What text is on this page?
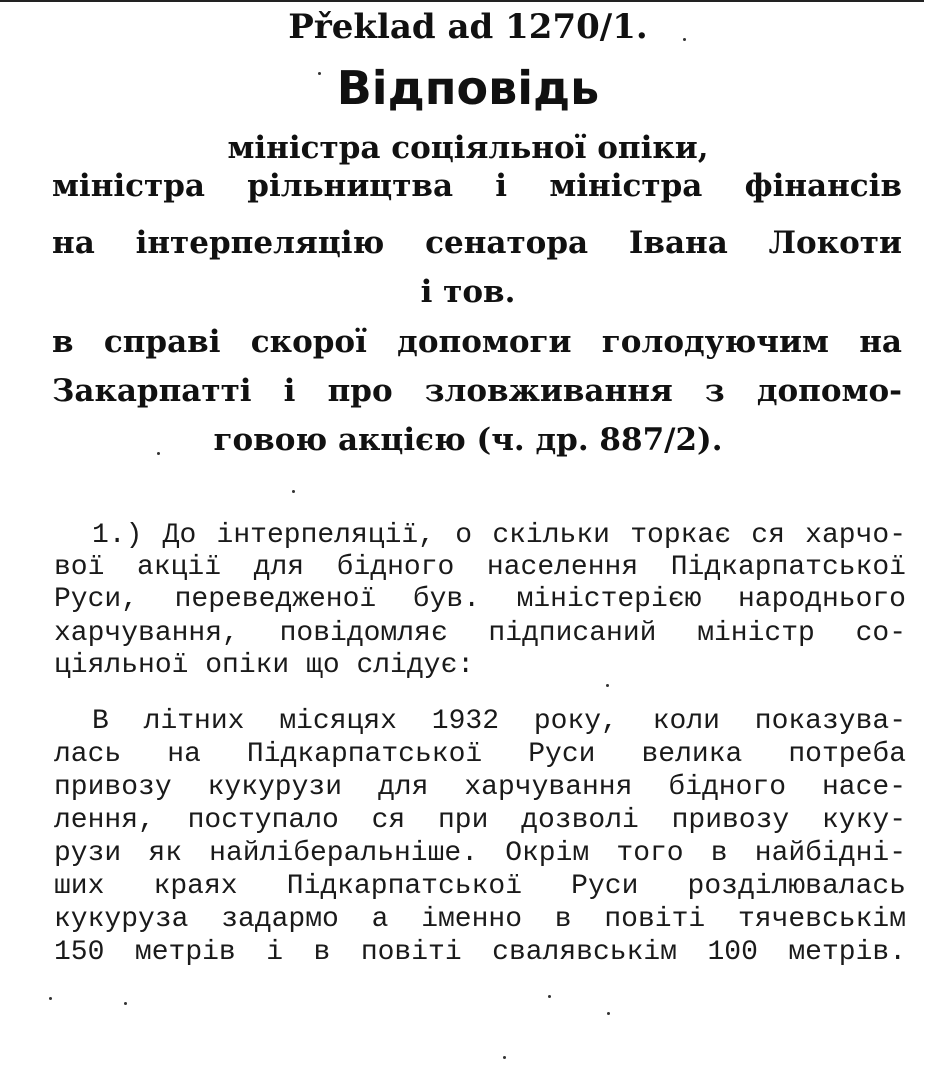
Překlad ad 1270/1.
Відповідь
міністра соціяльної опіки,
міністра рільництва і міністра фінансів
на інтерпеляцію сенатора Івана Локоти
і тов.
в справі скорої допомоги голодуючим на
Закарпатті і про зловживання з допомо-
говою акцією (ч. др. 887/2).
1.) До інтерпеляції, о скільки торкає ся харчо-
вої акції для бідного населення Підкарпатської
Руси, переведженої був. міністерією народнього
харчування, повідомляє підписаний міністр со-
ціяльної опіки що слідує:
В літних місяцях 1932 року, коли показува-
лась на Підкарпатської Руси велика потреба
привозу кукурузи для харчування бідного насе-
лення, поступало ся при дозволі привозу куку-
рузи як найліберальніше. Окрім того в найбідні-
ших краях Підкарпатської Руси розділювалась
кукуруза задармо а іменно в повіті тячевськім
150 метрів і в повіті свалявськім 100 метрів.
